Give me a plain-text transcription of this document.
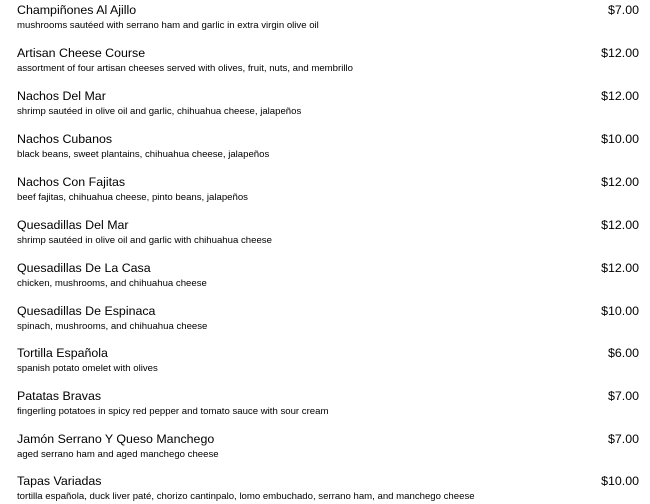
Champiñones Al Ajillo	$7.00
mushrooms sautéed with serrano ham and garlic in extra virgin olive oil
Artisan Cheese Course	$12.00
assortment of four artisan cheeses served with olives, fruit, nuts, and membrillo
Nachos Del Mar	$12.00
shrimp sautéed in olive oil and garlic, chihuahua cheese, jalapeños
Nachos Cubanos	$10.00
black beans, sweet plantains, chihuahua cheese, jalapeños
Nachos Con Fajitas	$12.00
beef fajitas, chihuahua cheese, pinto beans, jalapeños
Quesadillas Del Mar	$12.00
shrimp sautéed in olive oil and garlic with chihuahua cheese
Quesadillas De La Casa	$12.00
chicken, mushrooms, and chihuahua cheese
Quesadillas De Espinaca	$10.00
spinach, mushrooms, and chihuahua cheese
Tortilla Española	$6.00
spanish potato omelet with olives
Patatas Bravas	$7.00
fingerling potatoes in spicy red pepper and tomato sauce with sour cream
Jamón Serrano Y Queso Manchego	$7.00
aged serrano ham and aged manchego cheese
Tapas Variadas	$10.00
tortilla española, duck liver paté, chorizo cantinpalo, lomo embuchado, serrano ham, and manchego cheese
